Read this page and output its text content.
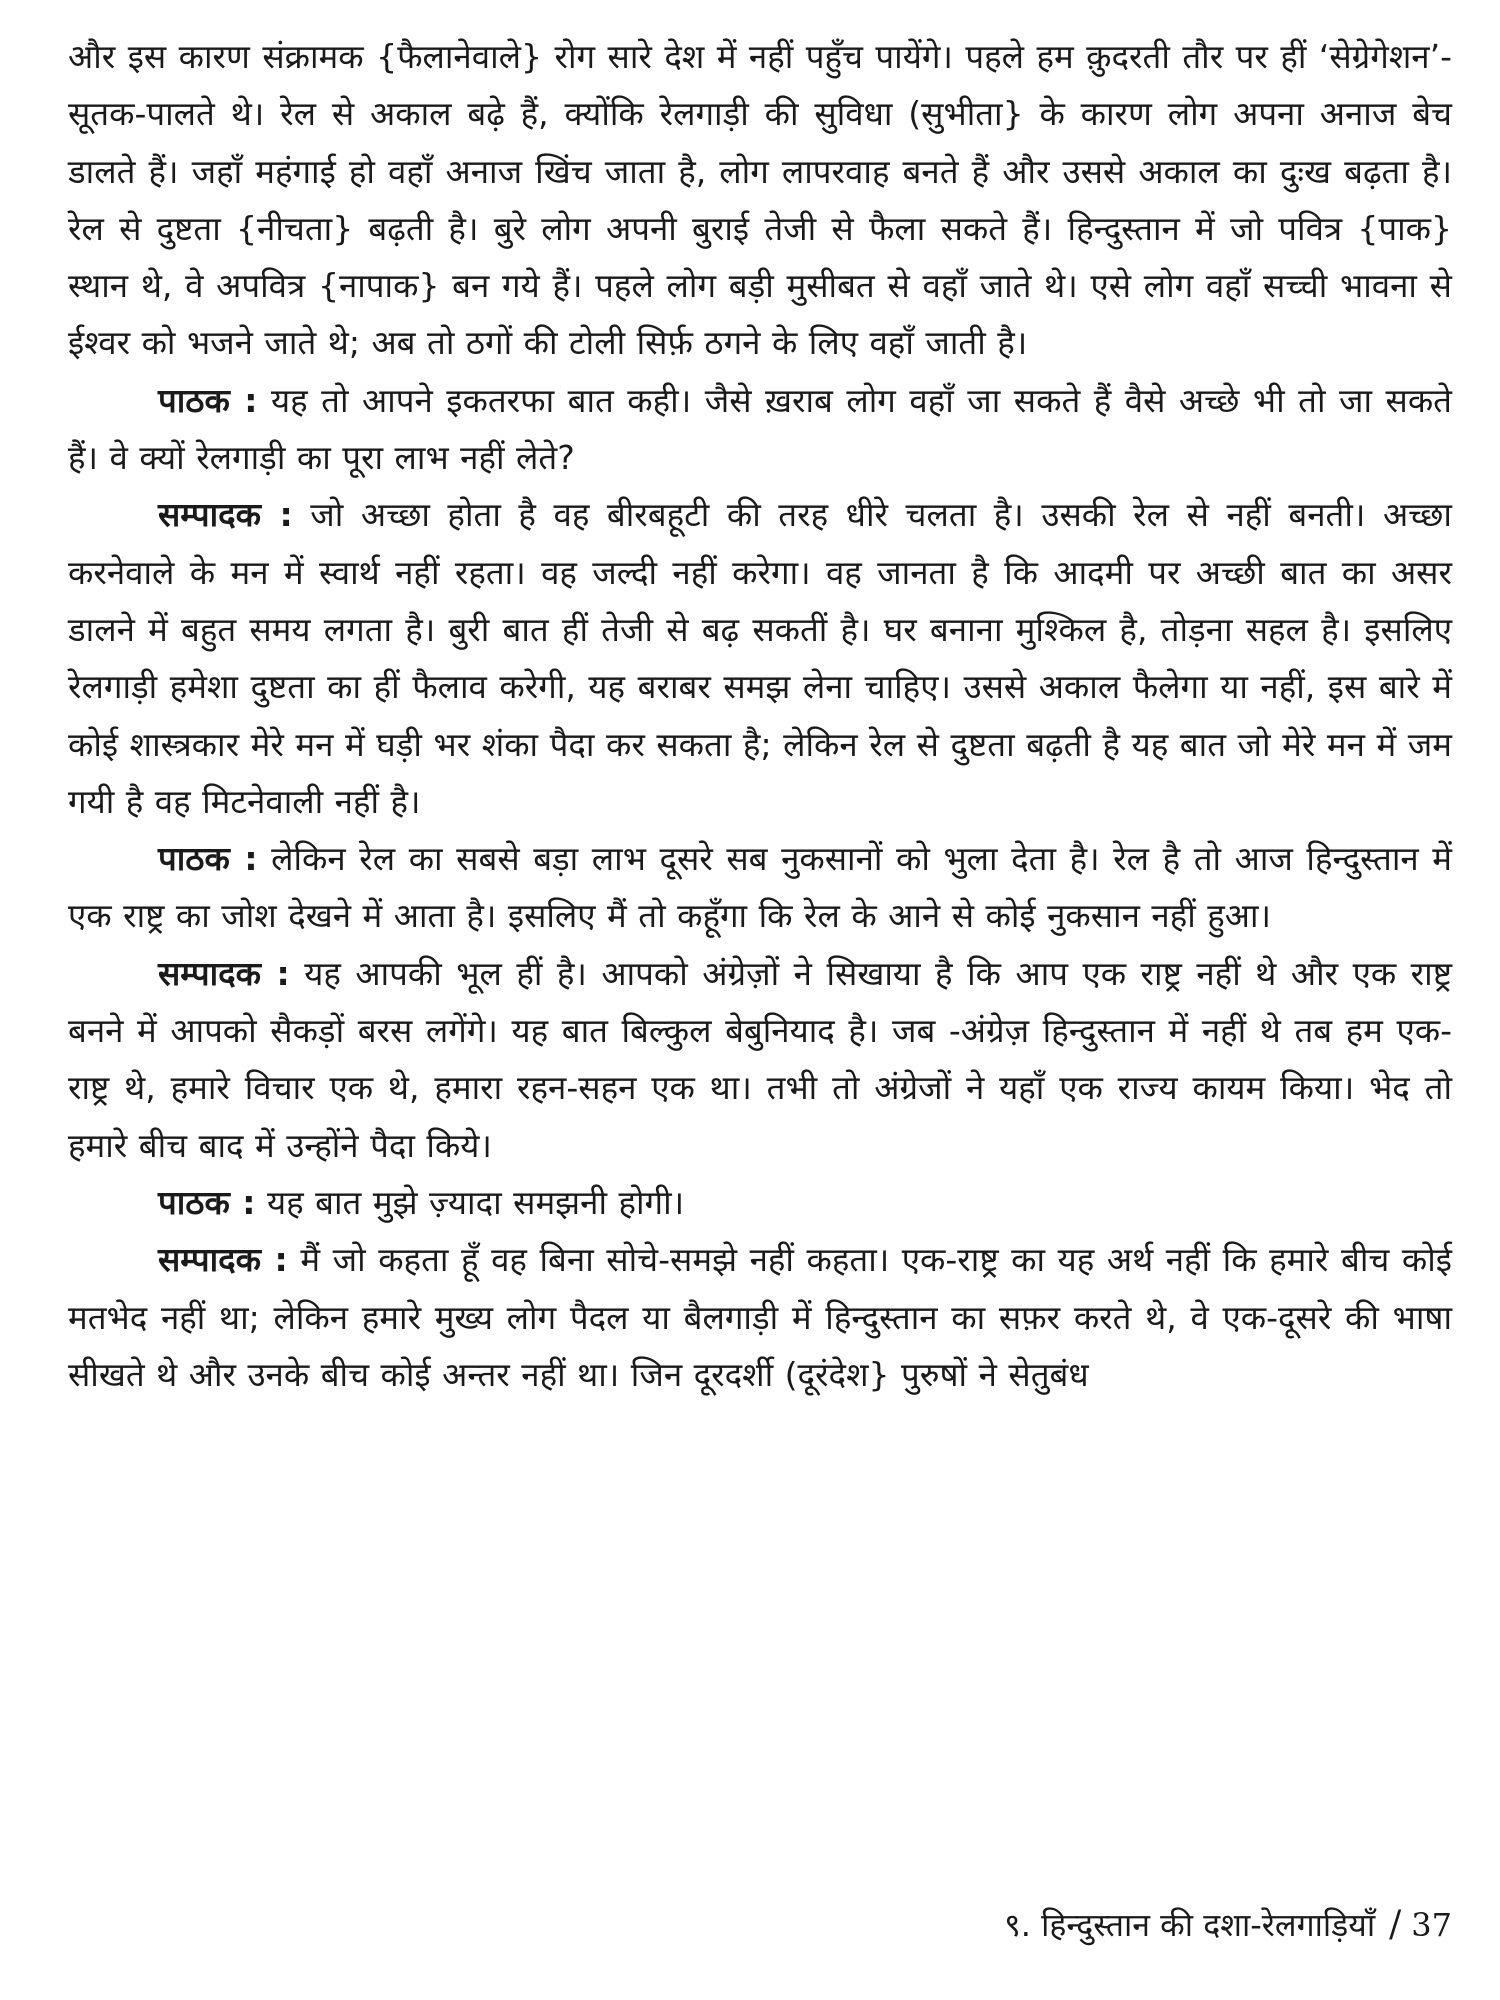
और इस कारण संक्रामक {फैलानेवाले} रोग सारे देश में नहीं पहुँच पायेंगे। पहले हम क़ुदरती तौर पर हीं ‘सेग्रेगेशन’-सूतक-पालते थे। रेल से अकाल बढ़े हैं, क्योंकि रेलगाड़ी की सुविधा (सुभीता} के कारण लोग अपना अनाज बेच डालते हैं। जहाँ महंगाई हो वहाँ अनाज खिंच जाता है, लोग लापरवाह बनते हैं और उससे अकाल का दुःख बढ़ता है। रेल से दुष्टता {नीचता} बढ़ती है। बुरे लोग अपनी बुराई तेजी से फैला सकते हैं। हिन्दुस्तान में जो पवित्र {पाक} स्थान थे, वे अपवित्र {नापाक} बन गये हैं। पहले लोग बड़ी मुसीबत से वहाँ जाते थे। एसे लोग वहाँ सच्ची भावना से ईश्वर को भजने जाते थे; अब तो ठगों की टोली सिर्फ़ ठगने के लिए वहाँ जाती है।

पाठक : यह तो आपने इकतरफा बात कही। जैसे ख़राब लोग वहाँ जा सकते हैं वैसे अच्छे भी तो जा सकते हैं। वे क्यों रेलगाड़ी का पूरा लाभ नहीं लेते?

सम्पादक : जो अच्छा होता है वह बीरबहूटी की तरह धीरे चलता है। उसकी रेल से नहीं बनती। अच्छा करनेवाले के मन में स्वार्थ नहीं रहता। वह जल्दी नहीं करेगा। वह जानता है कि आदमी पर अच्छी बात का असर डालने में बहुत समय लगता है। बुरी बात हीं तेजी से बढ़ सकतीं है। घर बनाना मुश्किल है, तोड़ना सहल है। इसलिए रेलगाड़ी हमेशा दुष्टता का हीं फैलाव करेगी, यह बराबर समझ लेना चाहिए। उससे अकाल फैलेगा या नहीं, इस बारे में कोई शास्त्रकार मेरे मन में घड़ी भर शंका पैदा कर सकता है; लेकिन रेल से दुष्टता बढ़ती है यह बात जो मेरे मन में जम गयी है वह मिटनेवाली नहीं है।

पाठक : लेकिन रेल का सबसे बड़ा लाभ दूसरे सब नुकसानों को भुला देता है। रेल है तो आज हिन्दुस्तान में एक राष्ट्र का जोश देखने में आता है। इसलिए मैं तो कहूँगा कि रेल के आने से कोई नुकसान नहीं हुआ।

सम्पादक : यह आपकी भूल हीं है। आपको अंग्रेज़ों ने सिखाया है कि आप एक राष्ट्र नहीं थे और एक राष्ट्र बनने में आपको सैकड़ों बरस लगेंगे। यह बात बिल्कुल बेबुनियाद है। जब -अंग्रेज़ हिन्दुस्तान में नहीं थे तब हम एक-राष्ट्र थे, हमारे विचार एक थे, हमारा रहन-सहन एक था। तभी तो अंग्रेजों ने यहाँ एक राज्य कायम किया। भेद तो हमारे बीच बाद में उन्होंने पैदा किये।

पाठक : यह बात मुझे ज़्यादा समझनी होगी।

सम्पादक : मैं जो कहता हूँ वह बिना सोचे-समझे नहीं कहता। एक-राष्ट्र का यह अर्थ नहीं कि हमारे बीच कोई मतभेद नहीं था; लेकिन हमारे मुख्य लोग पैदल या बैलगाड़ी में हिन्दुस्तान का सफ़र करते थे, वे एक-दूसरे की भाषा सीखते थे और उनके बीच कोई अन्तर नहीं था। जिन दूरदर्शी (दूरंदेश} पुरुषों ने सेतुबंध

९. हिन्दुस्तान की दशा-रेलगाड़ियाँ / 37
